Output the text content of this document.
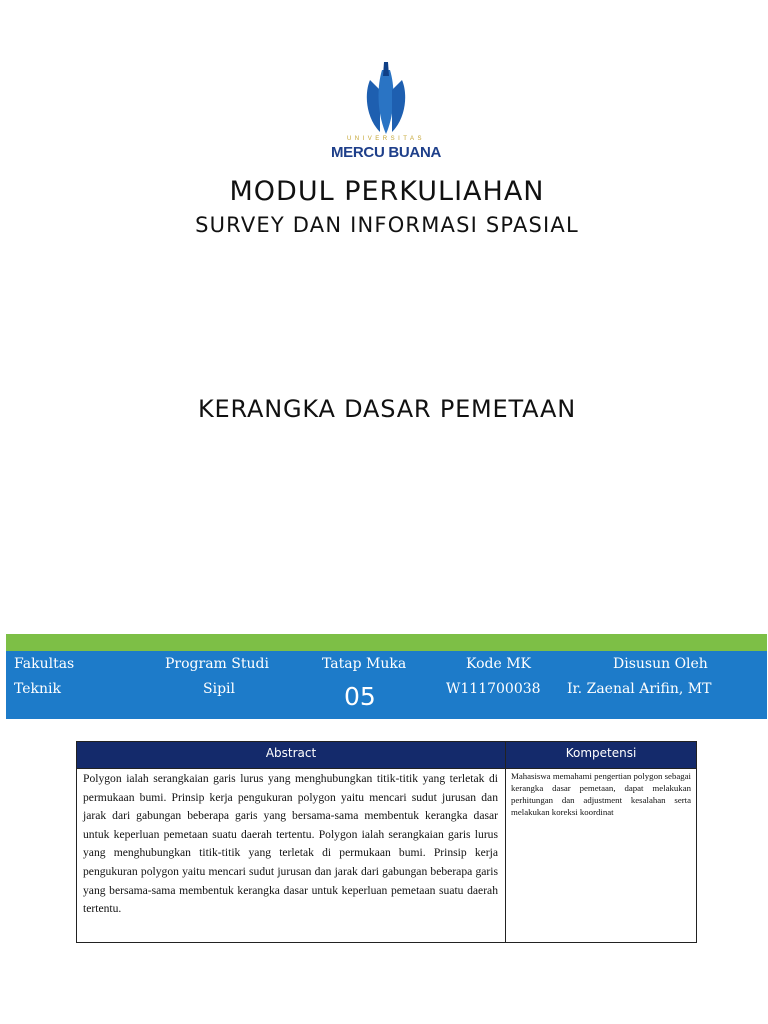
UNIVERSITAS
MERCU BUANA
MODUL PERKULIAHAN
SURVEY DAN INFORMASI SPASIAL
KERANGKA DASAR PEMETAAN
Fakultas
Teknik
Program Studi
Sipil
Tatap Muka
05
Kode MK
W111700038
Disusun Oleh
Ir. Zaenal Arifin, MT
Abstract	Kompetensi
Polygon ialah serangkaian garis lurus yang menghubungkan titik-titik yang terletak di permukaan bumi. Prinsip kerja pengukuran polygon yaitu mencari sudut jurusan dan jarak dari gabungan beberapa garis yang bersama-sama membentuk kerangka dasar untuk keperluan pemetaan suatu daerah tertentu. Polygon ialah serangkaian garis lurus yang menghubungkan titik-titik yang terletak di permukaan bumi. Prinsip kerja pengukuran polygon yaitu mencari sudut jurusan dan jarak dari gabungan beberapa garis yang bersama-sama membentuk kerangka dasar untuk keperluan pemetaan suatu daerah tertentu.
Mahasiswa memahami pengertian polygon sebagai kerangka dasar pemetaan, dapat melakukan perhitungan dan adjustment kesalahan serta melakukan koreksi koordinat
